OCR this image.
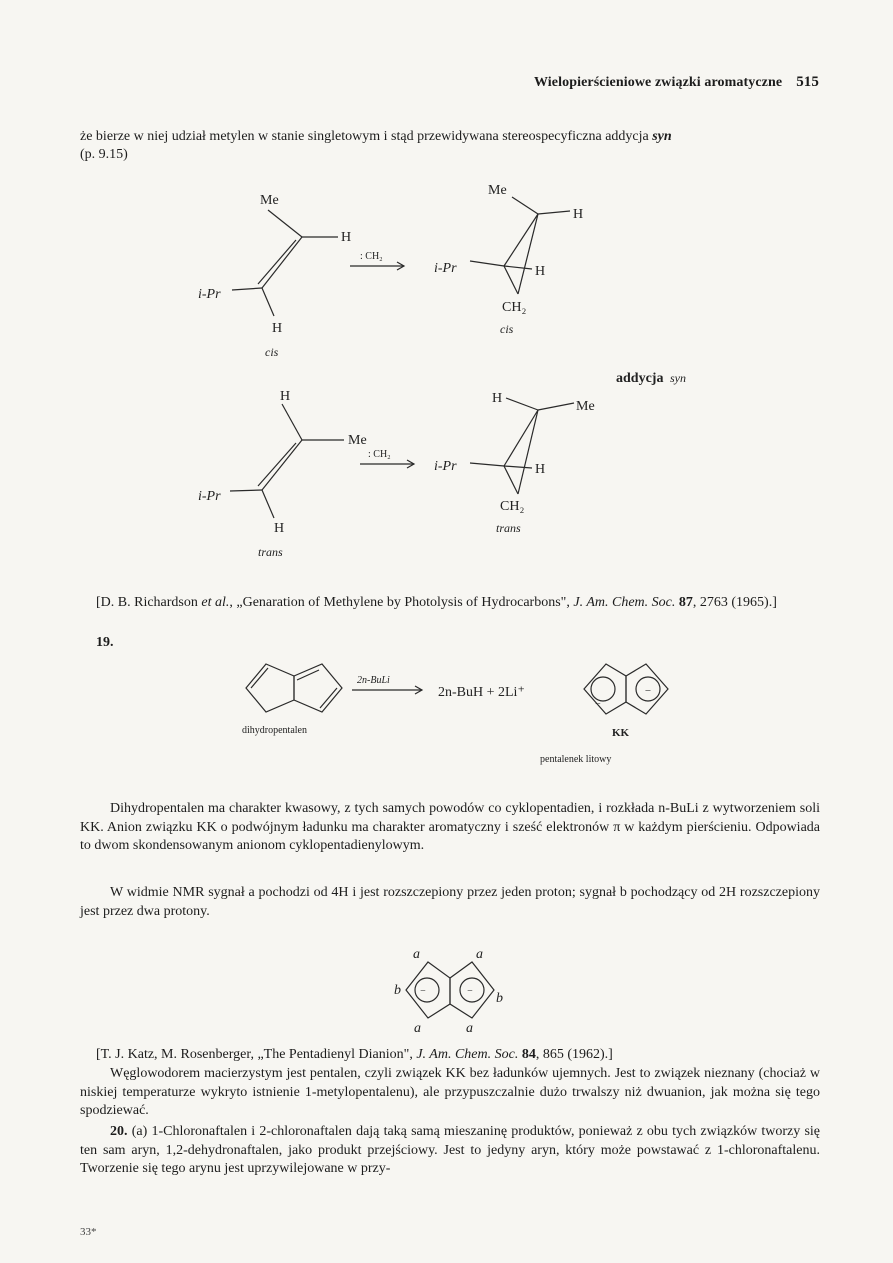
Wielopierścieniowe związki aromatyczne 515
że bierze w niej udział metylen w stanie singletowym i stąd przewidywana stereospecyficzna addycja syn
(p. 9.15)
Me
H
i-Pr
H
cis
: CH₂
Me
H
i-Pr	H
CH₂
cis
addycja syn
H
Me
i-Pr
H
trans
: CH₂
H
Me
i-Pr	H
CH₂
trans
[D. B. Richardson et al., „Genaration of Methylene by Photolysis of Hydrocarbons", J. Am. Chem. Soc. 87, 2763 (1965).]
19.
2n-BuLi
2n-BuH + 2Li⁺
dihydropentalen
−
−
KK
pentalenek litowy
Dihydropentalen ma charakter kwasowy, z tych samych powodów co cyklopentadien, i rozkłada n-BuLi z wytworzeniem soli KK. Anion związku KK o podwójnym ładunku ma charakter aromatyczny i sześć elektronów π w każdym pierścieniu. Odpowiada to dwom skondensowanym anionom cyklopentadienylowym.
W widmie NMR sygnał a pochodzi od 4H i jest rozszczepiony przez jeden proton; sygnał b pochodzący od 2H rozszczepiony jest przez dwa protony.
a	a
b
b
a	a
−	−
[T. J. Katz, M. Rosenberger, „The Pentadienyl Dianion", J. Am. Chem. Soc. 84, 865 (1962).]
Węglowodorem macierzystym jest pentalen, czyli związek KK bez ładunków ujemnych. Jest to związek nieznany (chociaż w niskiej temperaturze wykryto istnienie 1-metylopentalenu), ale przypuszczalnie dużo trwalszy niż dwuanion, jak można się tego spodziewać.
20. (a) 1-Chloronaftalen i 2-chloronaftalen dają taką samą mieszaninę produktów, ponieważ z obu tych związków tworzy się ten sam aryn, 1,2-dehydronaftalen, jako produkt przejściowy. Jest to jedyny aryn, który może powstawać z 1-chloronaftalenu. Tworzenie się tego arynu jest uprzywilejowane w przy-
33*
